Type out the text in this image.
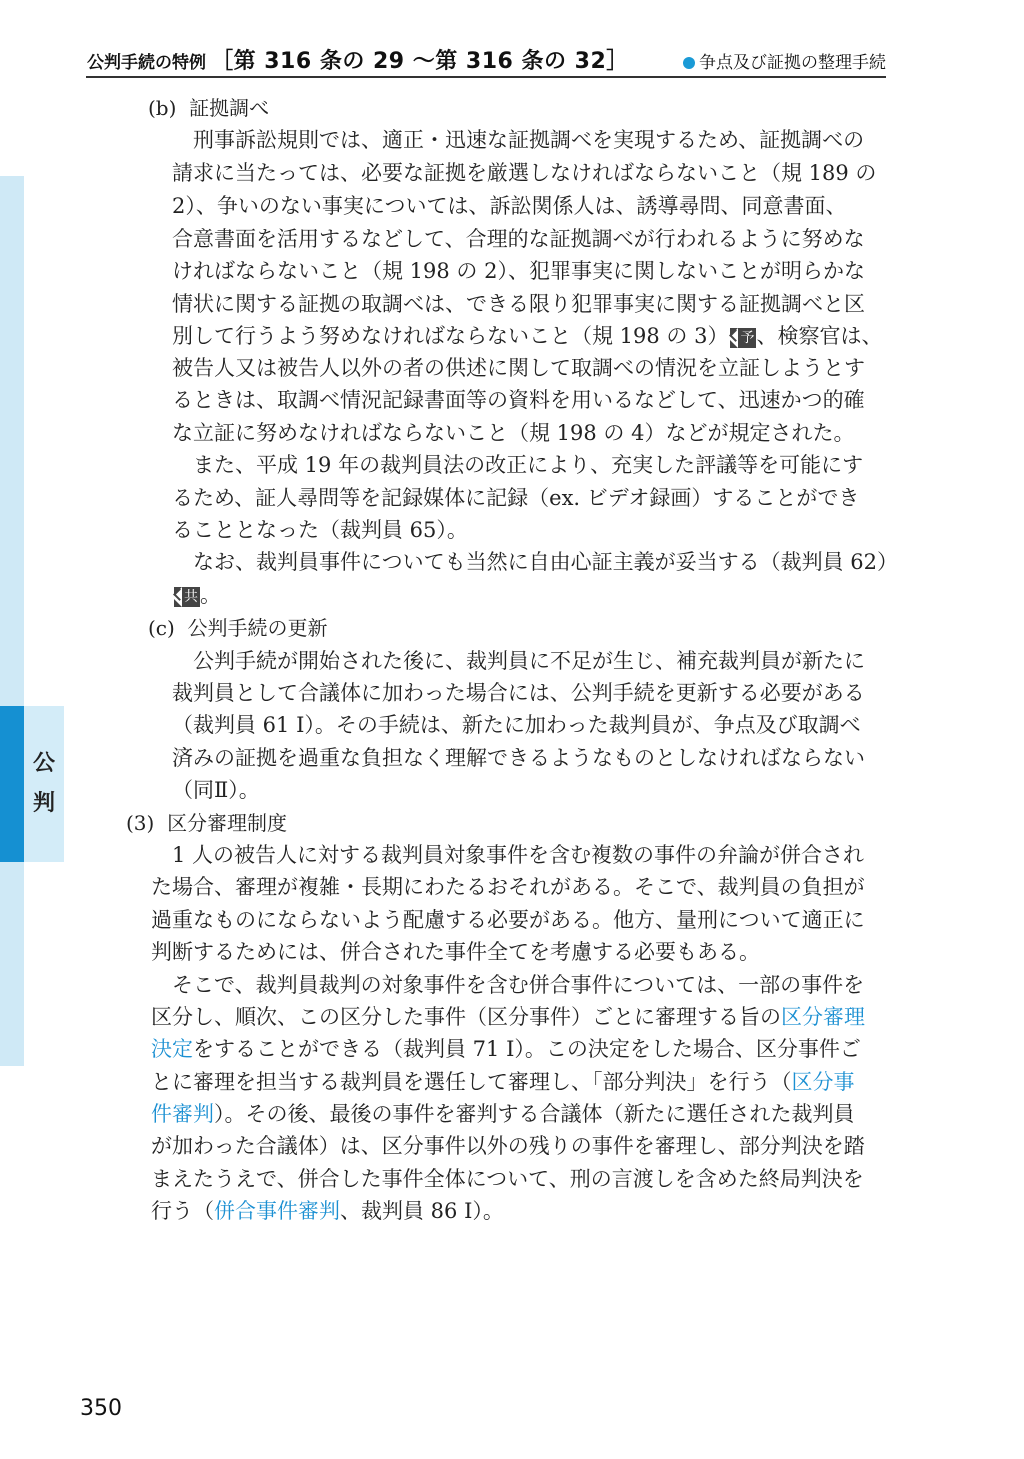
公判手続の特例 ［第 316 条の 29 ～第 316 条の 32］	争点及び証拠の整理手続
公
判
(b) 証拠調べ
刑事訴訟規則では、適正・迅速な証拠調べを実現するため、証拠調べの
請求に当たっては、必要な証拠を厳選しなければならないこと（規 189 の
2）、争いのない事実については、訴訟関係人は、誘導尋問、同意書面、
合意書面を活用するなどして、合理的な証拠調べが行われるように努めな
ければならないこと（規 198 の 2）、犯罪事実に関しないことが明らかな
情状に関する証拠の取調べは、できる限り犯罪事実に関する証拠調べと区
別して行うよう努めなければならないこと（規 198 の 3） 予、検察官は、
被告人又は被告人以外の者の供述に関して取調べの情況を立証しようとす
るときは、取調べ情況記録書面等の資料を用いるなどして、迅速かつ的確
な立証に努めなければならないこと（規 198 の 4）などが規定された。
また、平成 19 年の裁判員法の改正により、充実した評議等を可能にす
るため、証人尋問等を記録媒体に記録（ex. ビデオ録画）することができ
ることとなった（裁判員 65）。
なお、裁判員事件についても当然に自由心証主義が妥当する（裁判員 62）
共。
(c) 公判手続の更新
公判手続が開始された後に、裁判員に不足が生じ、補充裁判員が新たに
裁判員として合議体に加わった場合には、公判手続を更新する必要がある
（裁判員 61 Ⅰ）。その手続は、新たに加わった裁判員が、争点及び取調べ
済みの証拠を過重な負担なく理解できるようなものとしなければならない
（同Ⅱ）。
(3) 区分審理制度
1 人の被告人に対する裁判員対象事件を含む複数の事件の弁論が併合され
た場合、審理が複雑・長期にわたるおそれがある。そこで、裁判員の負担が
過重なものにならないよう配慮する必要がある。他方、量刑について適正に
判断するためには、併合された事件全てを考慮する必要もある。
そこで、裁判員裁判の対象事件を含む併合事件については、一部の事件を
区分し、順次、この区分した事件（区分事件）ごとに審理する旨の区分審理
決定をすることができる（裁判員 71 Ⅰ）。この決定をした場合、区分事件ご
とに審理を担当する裁判員を選任して審理し、「部分判決」を行う（区分事
件審判）。その後、最後の事件を審判する合議体（新たに選任された裁判員
が加わった合議体）は、区分事件以外の残りの事件を審理し、部分判決を踏
まえたうえで、併合した事件全体について、刑の言渡しを含めた終局判決を
行う（併合事件審判、裁判員 86 Ⅰ）。
350
